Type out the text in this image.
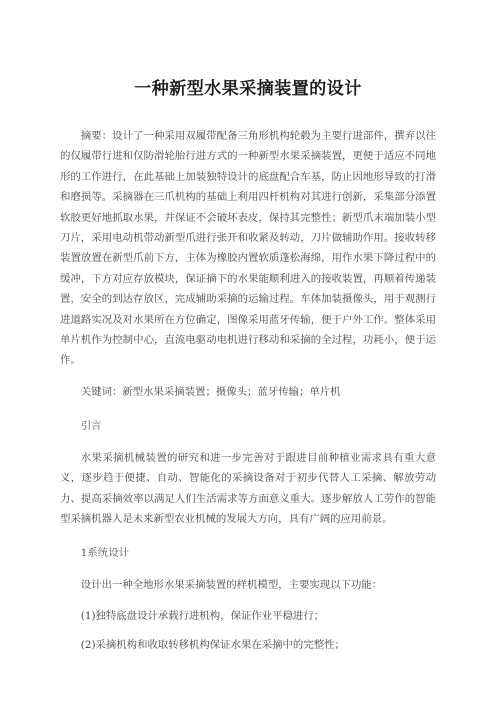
一种新型水果采摘装置的设计

摘要：设计了一种采用双履带配备三角形机构轮毂为主要行进部件，撰弃以往的仅履带行进和仅防滑轮胎行进方式的一种新型水果采摘装置，更便于适应不同地形的工作进行，在此基础上加装独特设计的底盘配合车基，防止因地形导致的打滑和磨损等。采摘器在三爪机构的基础上利用四杆机构对其进行创新，采集部分添置软胶更好地抓取水果，并保证不会破坏表皮，保持其完整性；新型爪末端加装小型刀片，采用电动机带动新型爪进行张开和收紧及转动，刀片做辅助作用。接收转移装置放置在新型爪前下方，主体为橡胶内置软质蓬松海绵，用作水果下降过程中的缓冲，下方对应存放模块，保证摘下的水果能顺利进入的接收装置，再顺着传递装置，安全的到达存放区，完成辅助采摘的运输过程。车体加装摄像头，用于观测行进道路实况及对水果所在方位确定，图像采用蓝牙传输，便于户外工作。整体采用单片机作为控制中心，直流电驱动电机进行移动和采摘的全过程，功耗小，便于运作。

关键词：新型水果采摘装置；摄像头；蓝牙传输；单片机

引言

水果采摘机械装置的研究和进一步完善对于跟进目前种植业需求具有重大意义，逐步趋于便捷、自动、智能化的采摘设备对于初步代替人工采摘、解放劳动力、提高采摘效率以满足人们生活需求等方面意义重大。逐步解放人工劳作的智能型采摘机器人是未来新型农业机械的发展大方向，具有广阔的应用前景。

1系统设计

设计出一种全地形水果采摘装置的样机模型，主要实现以下功能：

(1)独特底盘设计承载行进机构，保证作业平稳进行；

(2)采摘机构和收取转移机构保证水果在采摘中的完整性；
